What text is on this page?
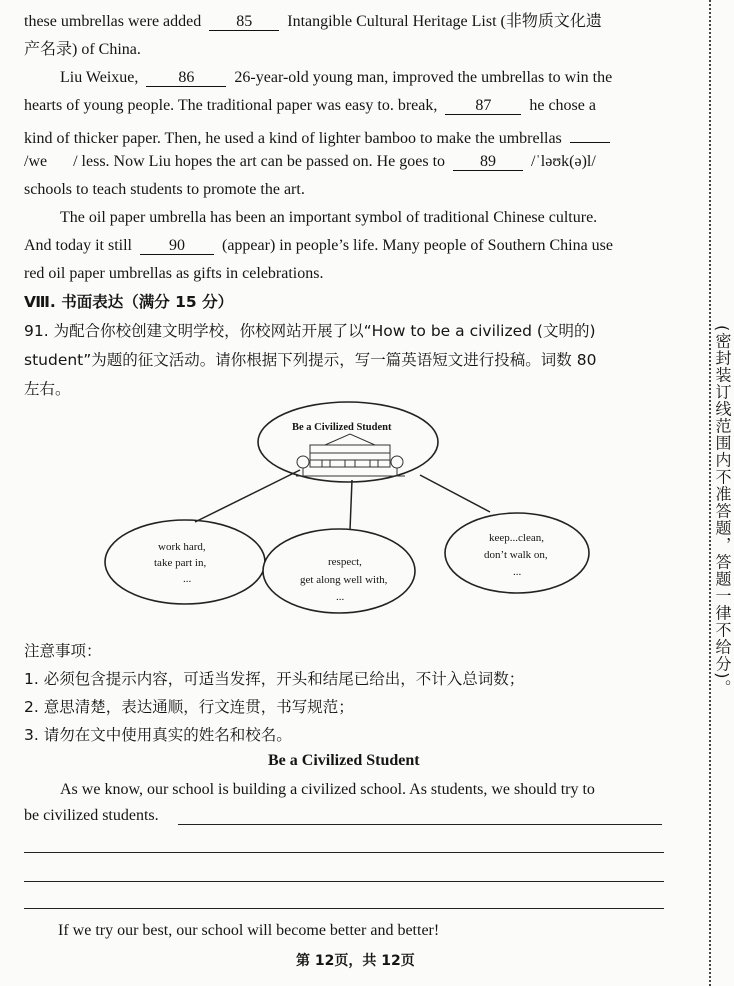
these umbrellas were added 85 Intangible Cultural Heritage List (非物质文化遗
产名录) of China.
Liu Weixue,	86	26-year-old young man, improved the umbrellas to win the
hearts of young people. The traditional paper was easy to. break, 87 he chose a
kind of thicker paper. Then, he used a kind of lighter bamboo to make the umbrellas
/we / less. Now Liu hopes the art can be passed on. He goes to 89 /ˈləʊk(ə)l/
schools to teach students to promote the art.
The oil paper umbrella has been an important symbol of traditional Chinese culture.
And today it still 90 (appear) in people’s life. Many people of Southern China use
red oil paper umbrellas as gifts in celebrations.
Ⅷ. 书面表达（满分 15 分）
91. 为配合你校创建文明学校，你校网站开展了以“How to be a civilized (文明的)
student”为题的征文活动。请你根据下列提示，写一篇英语短文进行投稿。词数 80
左右。
Be a Civilized Student
work hard,
take part in,
...
respect,
get along well with,
...
keep...clean,
don’t walk on,
...
注意事项：
1. 必须包含提示内容，可适当发挥，开头和结尾已给出，不计入总词数；
2. 意思清楚，表达通顺，行文连贯，书写规范；
3. 请勿在文中使用真实的姓名和校名。
Be a Civilized Student
As we know, our school is building a civilized school. As students, we should try to
be civilized students.
If we try our best, our school will become better and better!
第 12页，共 12页
(密封装订线范围内不准答题，答题一律不给分)。
